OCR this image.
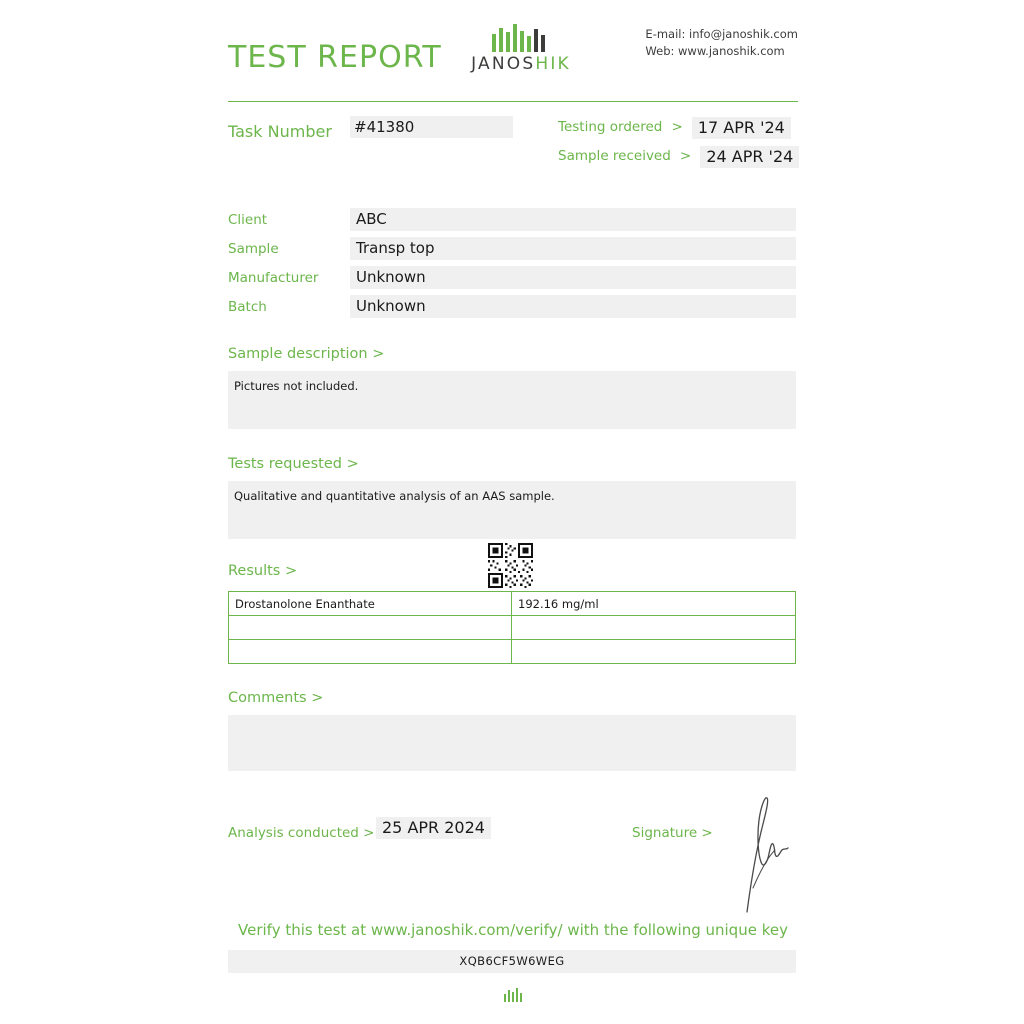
TEST REPORT	JANOSHIK
E-mail: info@janoshik.com
Web: www.janoshik.com
Task Number #41380	Testing ordered > 17 APR '24
Sample received > 24 APR '24
Client	ABC
Sample	Transp top
Manufacturer	Unknown
Batch	Unknown
Sample description >
Pictures not included.
Tests requested >
Qualitative and quantitative analysis of an AAS sample.
Results >
Drostanolone Enanthate	192.16 mg/ml

Comments >
Analysis conducted > 25 APR 2024	Signature >
Verify this test at www.janoshik.com/verify/ with the following unique key
XQB6CF5W6WEG
